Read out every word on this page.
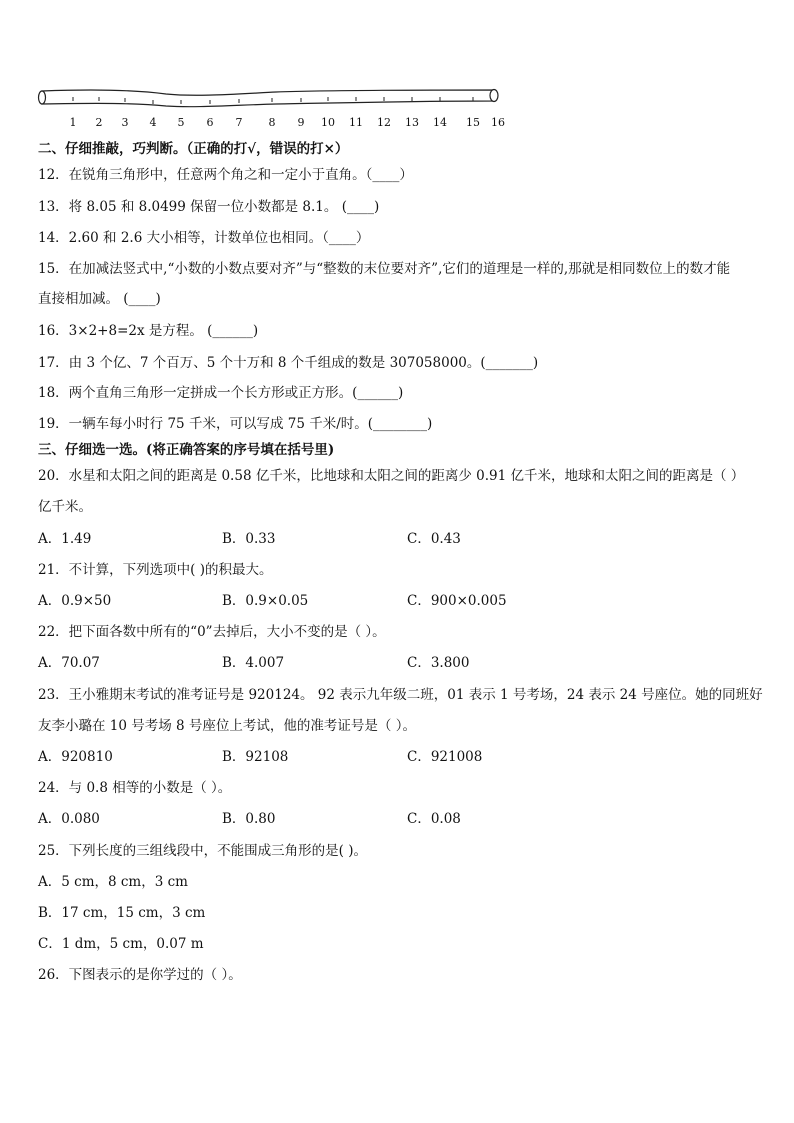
1 2 3 4 5 6 7 8 9 10 11 12 13 14 15 16
二、仔细推敲，巧判断。（正确的打√，错误的打×）
12．在锐角三角形中，任意两个角之和一定小于直角。（____）
13．将 8.05 和 8.0499 保留一位小数都是 8.1。 (____)
14．2.60 和 2.6 大小相等，计数单位也相同。（____）
15．在加减法竖式中,“小数的小数点要对齐”与“整数的末位要对齐”,它们的道理是一样的,那就是相同数位上的数才能
直接相加减。 (____)
16．3×2+8=2x 是方程。 (______)
17．由 3 个亿、7 个百万、5 个十万和 8 个千组成的数是 307058000。(_______)
18．两个直角三角形一定拼成一个长方形或正方形。(______)
19．一辆车每小时行 75 千米，可以写成 75 千米/时。(________)
三、仔细选一选。(将正确答案的序号填在括号里)
20．水星和太阳之间的距离是 0.58 亿千米，比地球和太阳之间的距离少 0.91 亿千米，地球和太阳之间的距离是（ ）
亿千米。
A．1.49	B．0.33	C．0.43
21．不计算，下列选项中( )的积最大。
A．0.9×50	B．0.9×0.05	C．900×0.005
22．把下面各数中所有的“0”去掉后，大小不变的是（ ）。
A．70.07	B．4.007	C．3.800
23．王小雅期末考试的准考证号是 920124。 92 表示九年级二班，01 表示 1 号考场，24 表示 24 号座位。她的同班好
友李小璐在 10 号考场 8 号座位上考试，他的准考证号是（ ）。
A．920810	B．92108	C．921008
24．与 0.8 相等的小数是（ ）。
A．0.080	B．0.80	C．0.08
25．下列长度的三组线段中，不能围成三角形的是( )。
A．5 cm，8 cm，3 cm
B．17 cm，15 cm，3 cm
C．1 dm，5 cm，0.07 m
26．下图表示的是你学过的（ ）。
